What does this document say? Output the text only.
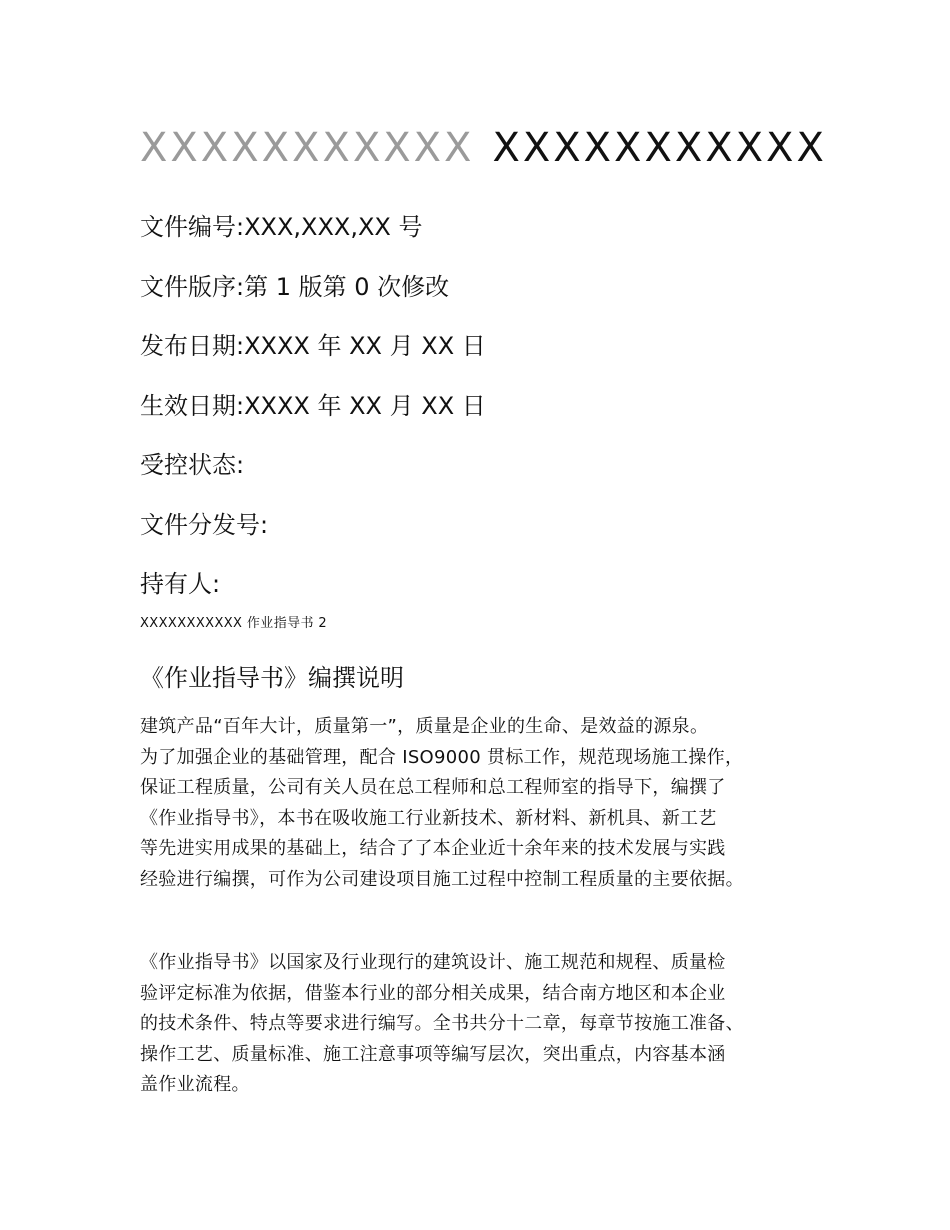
XXXXXXXXXXX XXXXXXXXXXX
文件编号:XXX,XXX,XX 号
文件版序:第 1 版第 0 次修改
发布日期:XXXX 年 XX 月 XX 日
生效日期:XXXX 年 XX 月 XX 日
受控状态:
文件分发号:
持有人:
XXXXXXXXXXX 作业指导书 2
《作业指导书》编撰说明

建筑产品“百年大计，质量第一”，质量是企业的生命、是效益的源泉。
为了加强企业的基础管理，配合 ISO9000 贯标工作，规范现场施工操作，
保证工程质量，公司有关人员在总工程师和总工程师室的指导下，编撰了
《作业指导书》，本书在吸收施工行业新技术、新材料、新机具、新工艺
等先进实用成果的基础上，结合了了本企业近十余年来的技术发展与实践
经验进行编撰，可作为公司建设项目施工过程中控制工程质量的主要依据。

《作业指导书》以国家及行业现行的建筑设计、施工规范和规程、质量检
验评定标准为依据，借鉴本行业的部分相关成果，结合南方地区和本企业
的技术条件、特点等要求进行编写。全书共分十二章，每章节按施工准备、
操作工艺、质量标准、施工注意事项等编写层次，突出重点，内容基本涵
盖作业流程。
